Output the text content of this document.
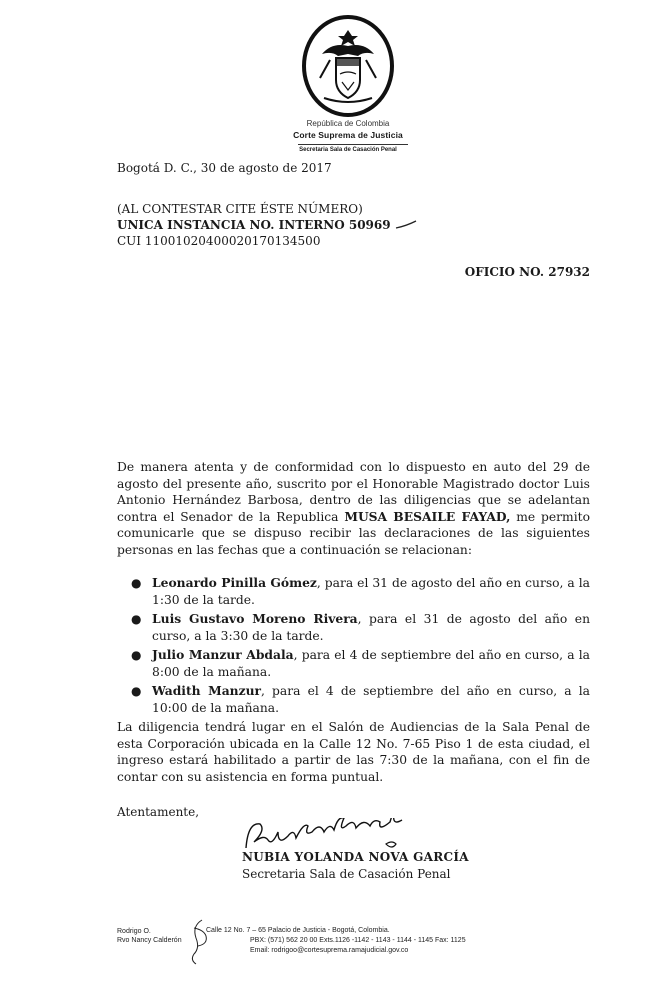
República de Colombia
Corte Suprema de Justicia
Secretaria Sala de Casación Penal
Bogotá D. C., 30 de agosto de 2017
(AL CONTESTAR CITE ÉSTE NÚMERO)
UNICA INSTANCIA NO. INTERNO 50969
CUI 11001020400020170134500
OFICIO NO. 27932
De manera atenta y de conformidad con lo dispuesto en auto del 29 de agosto del presente año, suscrito por el Honorable Magistrado doctor Luis Antonio Hernández Barbosa, dentro de las diligencias que se adelantan contra el Senador de la Republica MUSA BESAILE FAYAD, me permito comunicarle que se dispuso recibir las declaraciones de las siguientes personas en las fechas que a continuación se relacionan:
● Leonardo Pinilla Gómez, para el 31 de agosto del año en curso, a la 1:30 de la tarde.
● Luis Gustavo Moreno Rivera, para el 31 de agosto del año en curso, a la 3:30 de la tarde.
● Julio Manzur Abdala, para el 4 de septiembre del año en curso, a la 8:00 de la mañana.
● Wadith Manzur, para el 4 de septiembre del año en curso, a la 10:00 de la mañana.
La diligencia tendrá lugar en el Salón de Audiencias de la Sala Penal de esta Corporación ubicada en la Calle 12 No. 7-65 Piso 1 de esta ciudad, el ingreso estará habilitado a partir de las 7:30 de la mañana, con el fin de contar con su asistencia en forma puntual.
Atentamente,
NUBIA YOLANDA NOVA GARCÍA
Secretaria Sala de Casación Penal
Rodrigo O.
Rvo Nancy Calderón
Calle 12 No. 7 – 65 Palacio de Justicia - Bogotá, Colombia.
PBX: (571) 562 20 00 Exts.1126 -1142 - 1143 - 1144 - 1145 Fax: 1125
Email: rodrigoo@cortesuprema.ramajudicial.gov.co
